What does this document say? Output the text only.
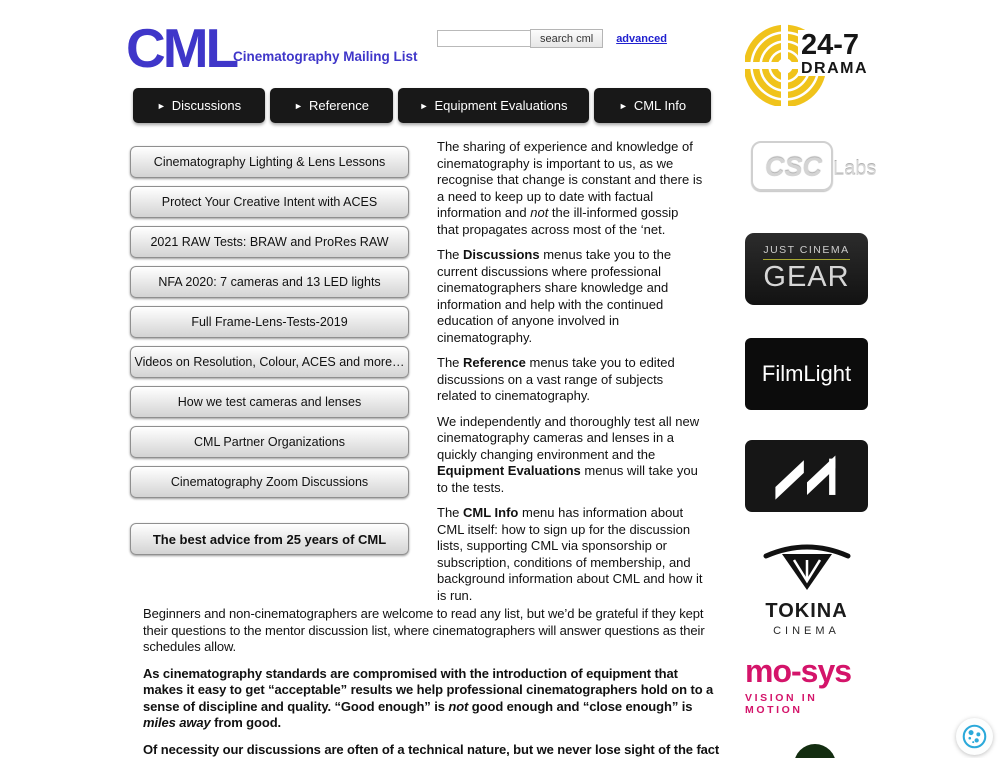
CML
Cinematography Mailing List
search cml	advanced
► Discussions	► Reference	► Equipment Evaluations	► CML Info
Cinematography Lighting & Lens Lessons
Protect Your Creative Intent with ACES
2021 RAW Tests: BRAW and ProRes RAW
NFA 2020: 7 cameras and 13 LED lights
Full Frame-Lens-Tests-2019
Videos on Resolution, Colour, ACES and more…
How we test cameras and lenses
CML Partner Organizations
Cinematography Zoom Discussions
The best advice from 25 years of CML

The sharing of experience and knowledge of cinematography is important to us, as we recognise that change is constant and there is a need to keep up to date with factual information and not the ill-informed gossip that propagates across most of the ‘net.

The Discussions menus take you to the current discussions where professional cinematographers share knowledge and information and help with the continued education of anyone involved in cinematography.

The Reference menus take you to edited discussions on a vast range of subjects related to cinematography.

We independently and thoroughly test all new cinematography cameras and lenses in a quickly changing environment and the Equipment Evaluations menus will take you to the tests.

The CML Info menu has information about CML itself: how to sign up for the discussion lists, supporting CML via sponsorship or subscription, conditions of membership, and background information about CML and how it is run.

Beginners and non-cinematographers are welcome to read any list, but we’d be grateful if they kept their questions to the mentor discussion list, where cinematographers will answer questions as their schedules allow.

As cinematography standards are compromised with the introduction of equipment that makes it easy to get “acceptable” results we help professional cinematographers hold on to a sense of discipline and quality. “Good enough” is not good enough and “close enough” is miles away from good.

Of necessity our discussions are often of a technical nature, but we never lose sight of the fact

24-7
DRAMA
CSC Labs
JUST CINEMA
GEAR
FilmLight
TOKINA
CINEMA
mo-sys
VISION IN MOTION
